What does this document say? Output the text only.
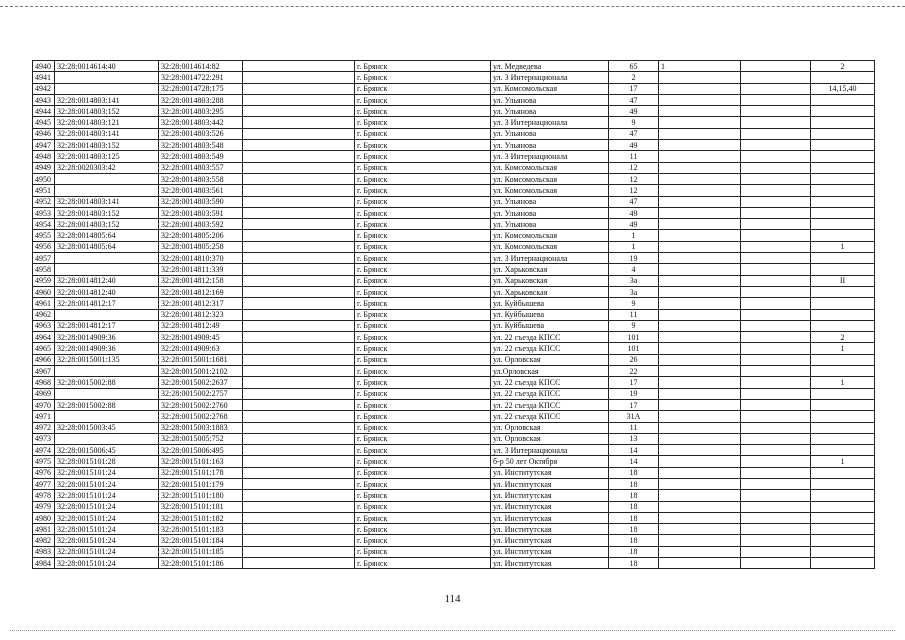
4940	32:28:0014614:40	32:28:0014614:82		г. Брянск	ул. Медведева	65	1		2
4941		32:28:0014722:291		г. Брянск	ул. 3 Интернационала	2			
4942		32:28:0014728:175		г. Брянск	ул. Комсомольская	17			14,15,40
4943	32:28:0014803:141	32:28:0014803:288		г. Брянск	ул. Ульянова	47			
4944	32:28:0014803:152	32:28:0014803:295		г. Брянск	ул. Ульянова	49			
4945	32:28:0014803:121	32:28:0014803:442		г. Брянск	ул. 3 Интернационала	9			
4946	32:28:0014803:141	32:28:0014803:526		г. Брянск	ул. Ульянова	47			
4947	32:28:0014803:152	32:28:0014803:548		г. Брянск	ул. Ульянова	49			
4948	32:28:0014803:125	32:28:0014803:549		г. Брянск	ул. 3 Интернационала	11			
4949	32:28:0020303:42	32:28:0014803:557		г. Брянск	ул. Комсомольская	12			
4950		32:28:0014803:558		г. Брянск	ул. Комсомольская	12			
4951		32:28:0014803:561		г. Брянск	ул. Комсомольская	12			
4952	32:28:0014803:141	32:28:0014803:590		г. Брянск	ул. Ульянова	47			
4953	32:28:0014803:152	32:28:0014803:591		г. Брянск	ул. Ульянова	49			
4954	32:28:0014803:152	32:28:0014803:592		г. Брянск	ул. Ульянова	49			
4955	32:28:0014805:64	32:28:0014805:206		г. Брянск	ул. Комсомольская	1			
4956	32:28:0014805:64	32:28:0014805:258		г. Брянск	ул. Комсомольская	1			1
4957		32:28:0014810:370		г. Брянск	ул. 3 Интернационала	19			
4958		32:28:0014811:339		г. Брянск	ул. Харьковская	4			
4959	32:28:0014812:40	32:28:0014812:158		г. Брянск	ул. Харьковская	3а			II
4960	32:28:0014812:40	32:28:0014812:169		г. Брянск	ул. Харьковская	3а			
4961	32:28:0014812:17	32:28:0014812:317		г. Брянск	ул. Куйбышева	9			
4962		32:28:0014812:323		г. Брянск	ул. Куйбышева	11			
4963	32:28:0014812:17	32:28:0014812:49		г. Брянск	ул. Куйбышева	9			
4964	32:28:0014909:36	32:28:0014909:45		г. Брянск	ул. 22 съезда КПСС	101			2
4965	32:28:0014909:36	32:28:0014909:63		г. Брянск	ул. 22 съезда КПСС	101			1
4966	32:28:0015001:135	32:28:0015001:1681		г. Брянск	ул. Орловская	26			
4967		32:28:0015001:2102		г. Брянск	ул.Орловская	22			
4968	32:28:0015002:88	32:28:0015002:2637		г. Брянск	ул. 22 съезда КПСС	17			1
4969		32:28:0015002:2757		г. Брянск	ул. 22 съезда КПСС	19			
4970	32:28:0015002:88	32:28:0015002:2760		г. Брянск	ул. 22 съезда КПСС	17			
4971		32:28:0015002:2768		г. Брянск	ул. 22 съезда КПСС	31А			
4972	32:28:0015003:45	32:28:0015003:1883		г. Брянск	ул. Орловская	11			
4973		32:28:0015005:752		г. Брянск	ул. Орловская	13			
4974	32:28:0015006:45	32:28:0015006:495		г. Брянск	ул. 3 Интернационала	14			
4975	32:28:0015101:28	32:28:0015101:163		г. Брянск	б-р 50 лет Октября	14			1
4976	32:28:0015101:24	32:28:0015101:178		г. Брянск	ул. Институтская	18			
4977	32:28:0015101:24	32:28:0015101:179		г. Брянск	ул. Институтская	18			
4978	32:28:0015101:24	32:28:0015101:180		г. Брянск	ул. Институтская	18			
4979	32:28:0015101:24	32:28:0015101:181		г. Брянск	ул. Институтская	18			
4980	32:28:0015101:24	32:28:0015101:182		г. Брянск	ул. Институтская	18			
4981	32:28:0015101:24	32:28:0015101:183		г. Брянск	ул. Институтская	18			
4982	32:28:0015101:24	32:28:0015101:184		г. Брянск	ул. Институтская	18			
4983	32:28:0015101:24	32:28:0015101:185		г. Брянск	ул. Институтская	18			
4984	32:28:0015101:24	32:28:0015101:186		г. Брянск	ул. Институтская	18			
114
